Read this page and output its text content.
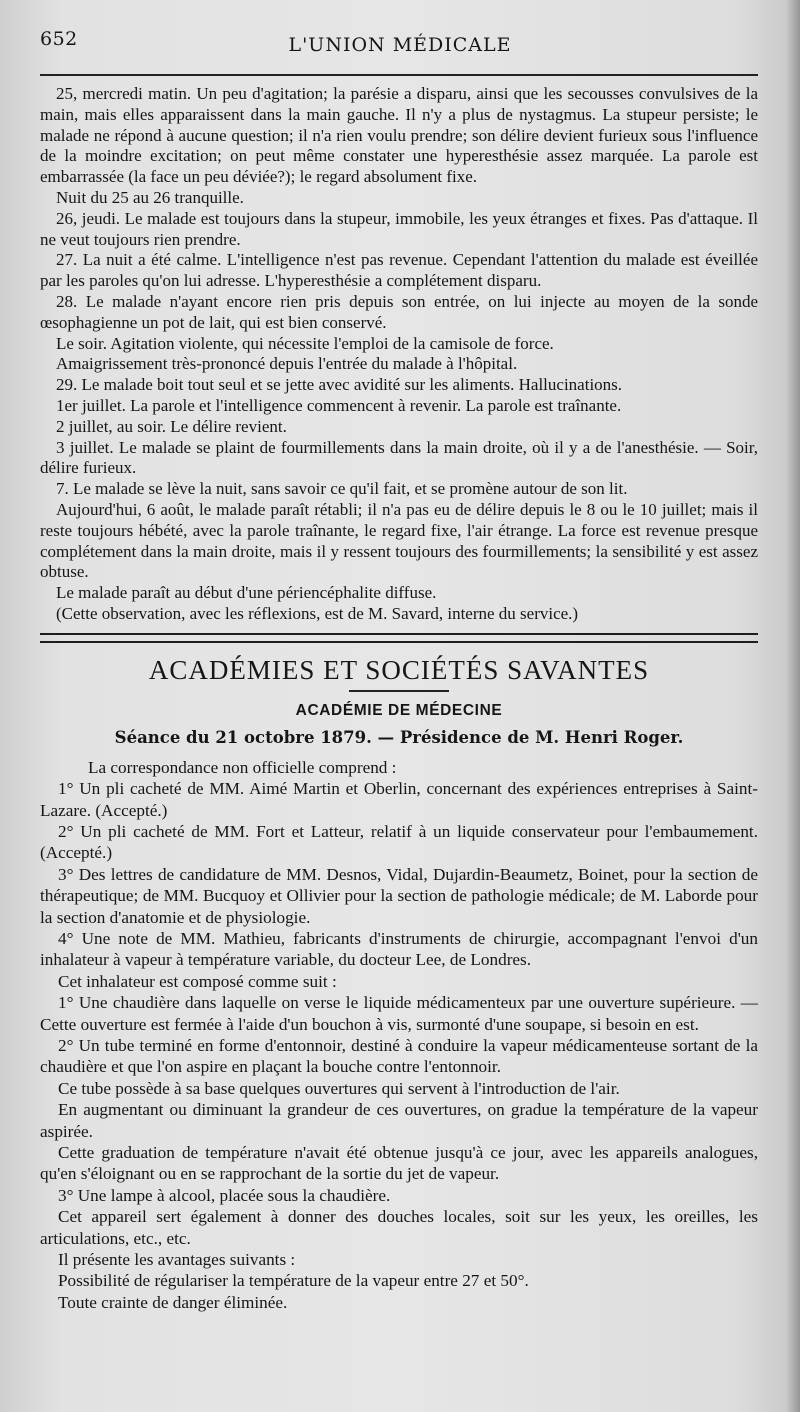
652	L'UNION MÉDICALE

25, mercredi matin. Un peu d'agitation; la parésie a disparu, ainsi que les secousses convulsives de la main, mais elles apparaissent dans la main gauche. Il n'y a plus de nystagmus. La stupeur persiste; le malade ne répond à aucune question; il n'a rien voulu prendre; son délire devient furieux sous l'influence de la moindre excitation; on peut même constater une hyperesthésie assez marquée. La parole est embarrassée (la face un peu déviée?); le regard absolument fixe.

Nuit du 25 au 26 tranquille.

26, jeudi. Le malade est toujours dans la stupeur, immobile, les yeux étranges et fixes. Pas d'attaque. Il ne veut toujours rien prendre.

27. La nuit a été calme. L'intelligence n'est pas revenue. Cependant l'attention du malade est éveillée par les paroles qu'on lui adresse. L'hyperesthésie a complétement disparu.

28. Le malade n'ayant encore rien pris depuis son entrée, on lui injecte au moyen de la sonde œsophagienne un pot de lait, qui est bien conservé.

Le soir. Agitation violente, qui nécessite l'emploi de la camisole de force.

Amaigrissement très-prononcé depuis l'entrée du malade à l'hôpital.

29. Le malade boit tout seul et se jette avec avidité sur les aliments. Hallucinations.

1er juillet. La parole et l'intelligence commencent à revenir. La parole est traînante.

2 juillet, au soir. Le délire revient.

3 juillet. Le malade se plaint de fourmillements dans la main droite, où il y a de l'anesthésie. — Soir, délire furieux.

7. Le malade se lève la nuit, sans savoir ce qu'il fait, et se promène autour de son lit.

Aujourd'hui, 6 août, le malade paraît rétabli; il n'a pas eu de délire depuis le 8 ou le 10 juillet; mais il reste toujours hébété, avec la parole traînante, le regard fixe, l'air étrange. La force est revenue presque complétement dans la main droite, mais il y ressent toujours des fourmillements; la sensibilité y est assez obtuse.

Le malade paraît au début d'une périencéphalite diffuse.

(Cette observation, avec les réflexions, est de M. Savard, interne du service.)

ACADÉMIES ET SOCIÉTÉS SAVANTES
ACADÉMIE DE MÉDECINE
Séance du 21 octobre 1879. — Présidence de M. Henri Roger.

La correspondance non officielle comprend :

1° Un pli cacheté de MM. Aimé Martin et Oberlin, concernant des expériences entreprises à Saint-Lazare. (Accepté.)

2° Un pli cacheté de MM. Fort et Latteur, relatif à un liquide conservateur pour l'embaumement. (Accepté.)

3° Des lettres de candidature de MM. Desnos, Vidal, Dujardin-Beaumetz, Boinet, pour la section de thérapeutique; de MM. Bucquoy et Ollivier pour la section de pathologie médicale; de M. Laborde pour la section d'anatomie et de physiologie.

4° Une note de MM. Mathieu, fabricants d'instruments de chirurgie, accompagnant l'envoi d'un inhalateur à vapeur à température variable, du docteur Lee, de Londres.

Cet inhalateur est composé comme suit :

1° Une chaudière dans laquelle on verse le liquide médicamenteux par une ouverture supérieure. — Cette ouverture est fermée à l'aide d'un bouchon à vis, surmonté d'une soupape, si besoin en est.

2° Un tube terminé en forme d'entonnoir, destiné à conduire la vapeur médicamenteuse sortant de la chaudière et que l'on aspire en plaçant la bouche contre l'entonnoir.

Ce tube possède à sa base quelques ouvertures qui servent à l'introduction de l'air.

En augmentant ou diminuant la grandeur de ces ouvertures, on gradue la température de la vapeur aspirée.

Cette graduation de température n'avait été obtenue jusqu'à ce jour, avec les appareils analogues, qu'en s'éloignant ou en se rapprochant de la sortie du jet de vapeur.

3° Une lampe à alcool, placée sous la chaudière.

Cet appareil sert également à donner des douches locales, soit sur les yeux, les oreilles, les articulations, etc., etc.

Il présente les avantages suivants :

Possibilité de régulariser la température de la vapeur entre 27 et 50°.

Toute crainte de danger éliminée.
